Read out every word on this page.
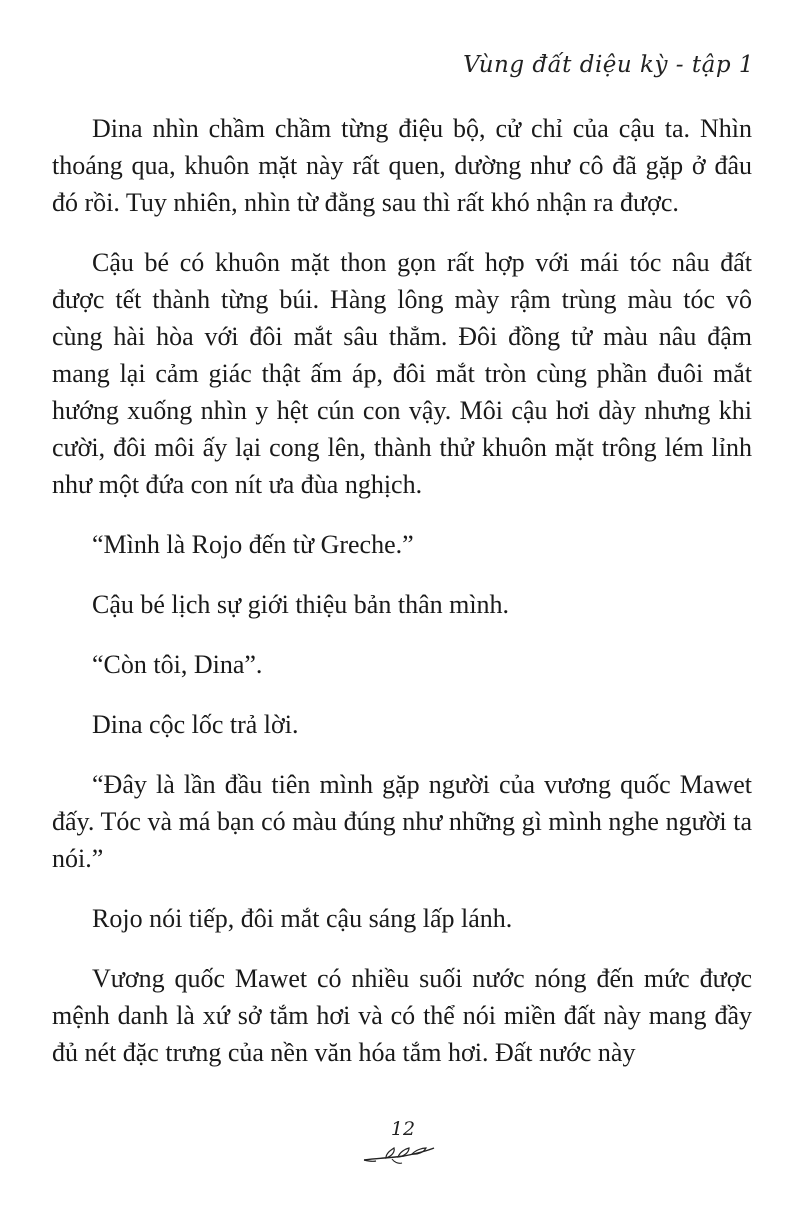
Vùng đất diệu kỳ - tập 1

Dina nhìn chầm chầm từng điệu bộ, cử chỉ của cậu ta. Nhìn thoáng qua, khuôn mặt này rất quen, dường như cô đã gặp ở đâu đó rồi. Tuy nhiên, nhìn từ đằng sau thì rất khó nhận ra được.

Cậu bé có khuôn mặt thon gọn rất hợp với mái tóc nâu đất được tết thành từng búi. Hàng lông mày rậm trùng màu tóc vô cùng hài hòa với đôi mắt sâu thẳm. Đôi đồng tử màu nâu đậm mang lại cảm giác thật ấm áp, đôi mắt tròn cùng phần đuôi mắt hướng xuống nhìn y hệt cún con vậy. Môi cậu hơi dày nhưng khi cười, đôi môi ấy lại cong lên, thành thử khuôn mặt trông lém lỉnh như một đứa con nít ưa đùa nghịch.

“Mình là Rojo đến từ Greche.”

Cậu bé lịch sự giới thiệu bản thân mình.

“Còn tôi, Dina”.

Dina cộc lốc trả lời.

“Đây là lần đầu tiên mình gặp người của vương quốc Mawet đấy. Tóc và má bạn có màu đúng như những gì mình nghe người ta nói.”

Rojo nói tiếp, đôi mắt cậu sáng lấp lánh.

Vương quốc Mawet có nhiều suối nước nóng đến mức được mệnh danh là xứ sở tắm hơi và có thể nói miền đất này mang đầy đủ nét đặc trưng của nền văn hóa tắm hơi. Đất nước này

12
